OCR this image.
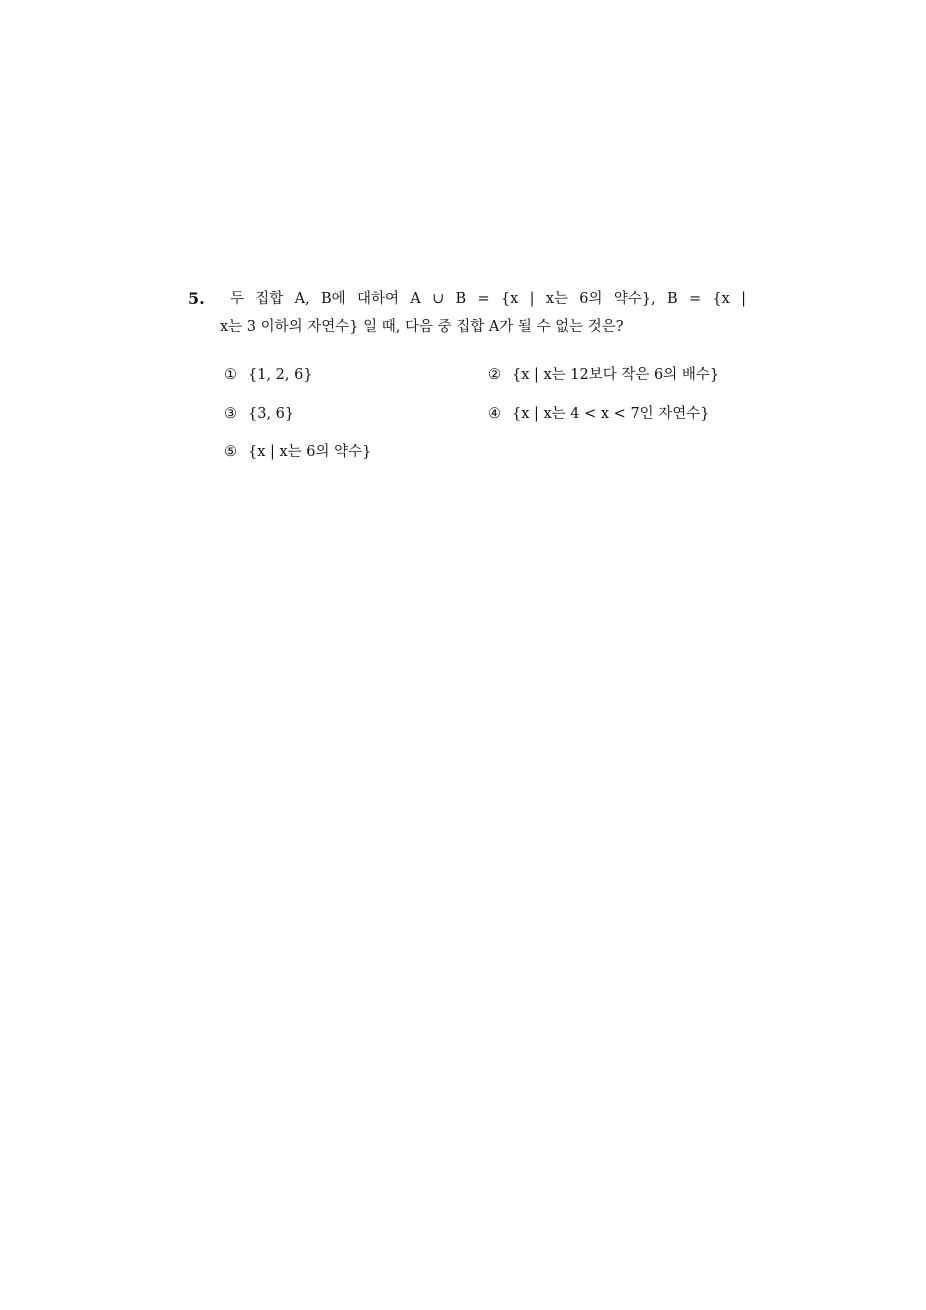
5. 두 집합 A, B에 대하여 A ∪ B = {x | x는 6의 약수}, B = {x |
x는 3 이하의 자연수} 일 때, 다음 중 집합 A가 될 수 없는 것은?
① {1, 2, 6}	② {x | x는 12보다 작은 6의 배수}
③ {3, 6}	④ {x | x는 4 < x < 7인 자연수}
⑤ {x | x는 6의 약수}
